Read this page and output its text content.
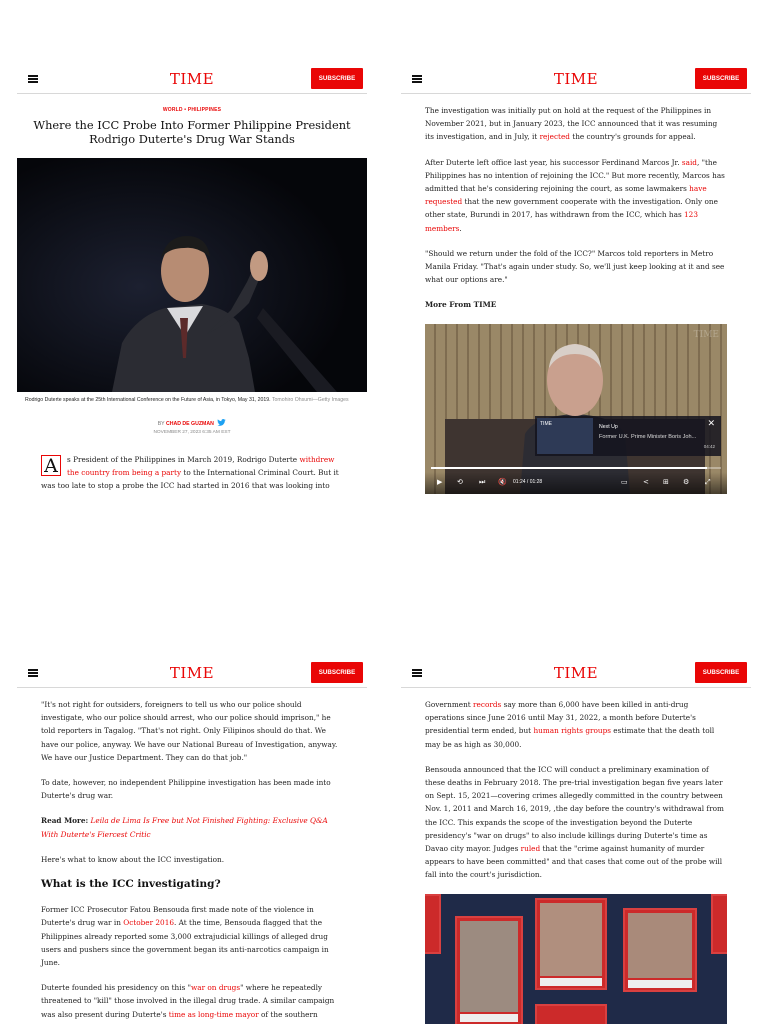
TIME	SUBSCRIBE
WORLD • PHILIPPINES
Where the ICC Probe Into Former Philippine President Rodrigo Duterte's Drug War Stands
Rodrigo Duterte speaks at the 25th International Conference on the Future of Asia, in Tokyo, May 31, 2019. Tomohiro Ohsumi—Getty Images
BY CHAD DE GUZMAN
NOVEMBER 27, 2023 6:35 AM EST

A	s President of the Philippines in March 2019, Rodrigo Duterte withdrew the country from being a party to the International Criminal Court. But it was too late to stop a probe the ICC had started in 2016 that was looking into

TIME	SUBSCRIBE

The investigation was initially put on hold at the request of the Philippines in November 2021, but in January 2023, the ICC announced that it was resuming its investigation, and in July, it rejected the country's grounds for appeal.

After Duterte left office last year, his successor Ferdinand Marcos Jr. said, "the Philippines has no intention of rejoining the ICC." But more recently, Marcos has admitted that he's considering rejoining the court, as some lawmakers have requested that the new government cooperate with the investigation. Only one other state, Burundi in 2017, has withdrawn from the ICC, which has 123 members.

"Should we return under the fold of the ICC?" Marcos told reporters in Metro Manila Friday. "That's again under study. So, we'll just keep looking at it and see what our options are."

More From TIME

TIME
TIME	Next Up
Former U.K. Prime Minister Boris Joh...
04:42
✕
▶ ⟲ ⏭ 🔇 01:24 / 01:28	▭ < ⊞ ⚙ ⤢
TIME	SUBSCRIBE

"It's not right for outsiders, foreigners to tell us who our police should investigate, who our police should arrest, who our police should imprison," he told reporters in Tagalog. "That's not right. Only Filipinos should do that. We have our police, anyway. We have our National Bureau of Investigation, anyway. We have our Justice Department. They can do that job."

To date, however, no independent Philippine investigation has been made into Duterte's drug war.

Read More: Leila de Lima Is Free but Not Finished Fighting: Exclusive Q&A With Duterte's Fiercest Critic

Here's what to know about the ICC investigation.

What is the ICC investigating?

Former ICC Prosecutor Fatou Bensouda first made note of the violence in Duterte's drug war in October 2016. At the time, Bensouda flagged that the Philippines already reported some 3,000 extrajudicial killings of alleged drug users and pushers since the government began its anti-narcotics campaign in June.

Duterte founded his presidency on this "war on drugs" where he repeatedly threatened to "kill" those involved in the illegal drug trade. A similar campaign was also present during Duterte's time as long-time mayor of the southern

TIME	SUBSCRIBE

Government records say more than 6,000 have been killed in anti-drug operations since June 2016 until May 31, 2022, a month before Duterte's presidential term ended, but human rights groups estimate that the death toll may be as high as 30,000.

Bensouda announced that the ICC will conduct a preliminary examination of these deaths in February 2018. The pre-trial investigation began five years later on Sept. 15, 2021—covering crimes allegedly committed in the country between Nov. 1, 2011 and March 16, 2019, ,the day before the country's withdrawal from the ICC. This expands the scope of the investigation beyond the Duterte presidency's "war on drugs" to also include killings during Duterte's time as Davao city mayor. Judges ruled that the "crime against humanity of murder appears to have been committed" and that cases that come out of the probe will fall into the court's jurisdiction.
